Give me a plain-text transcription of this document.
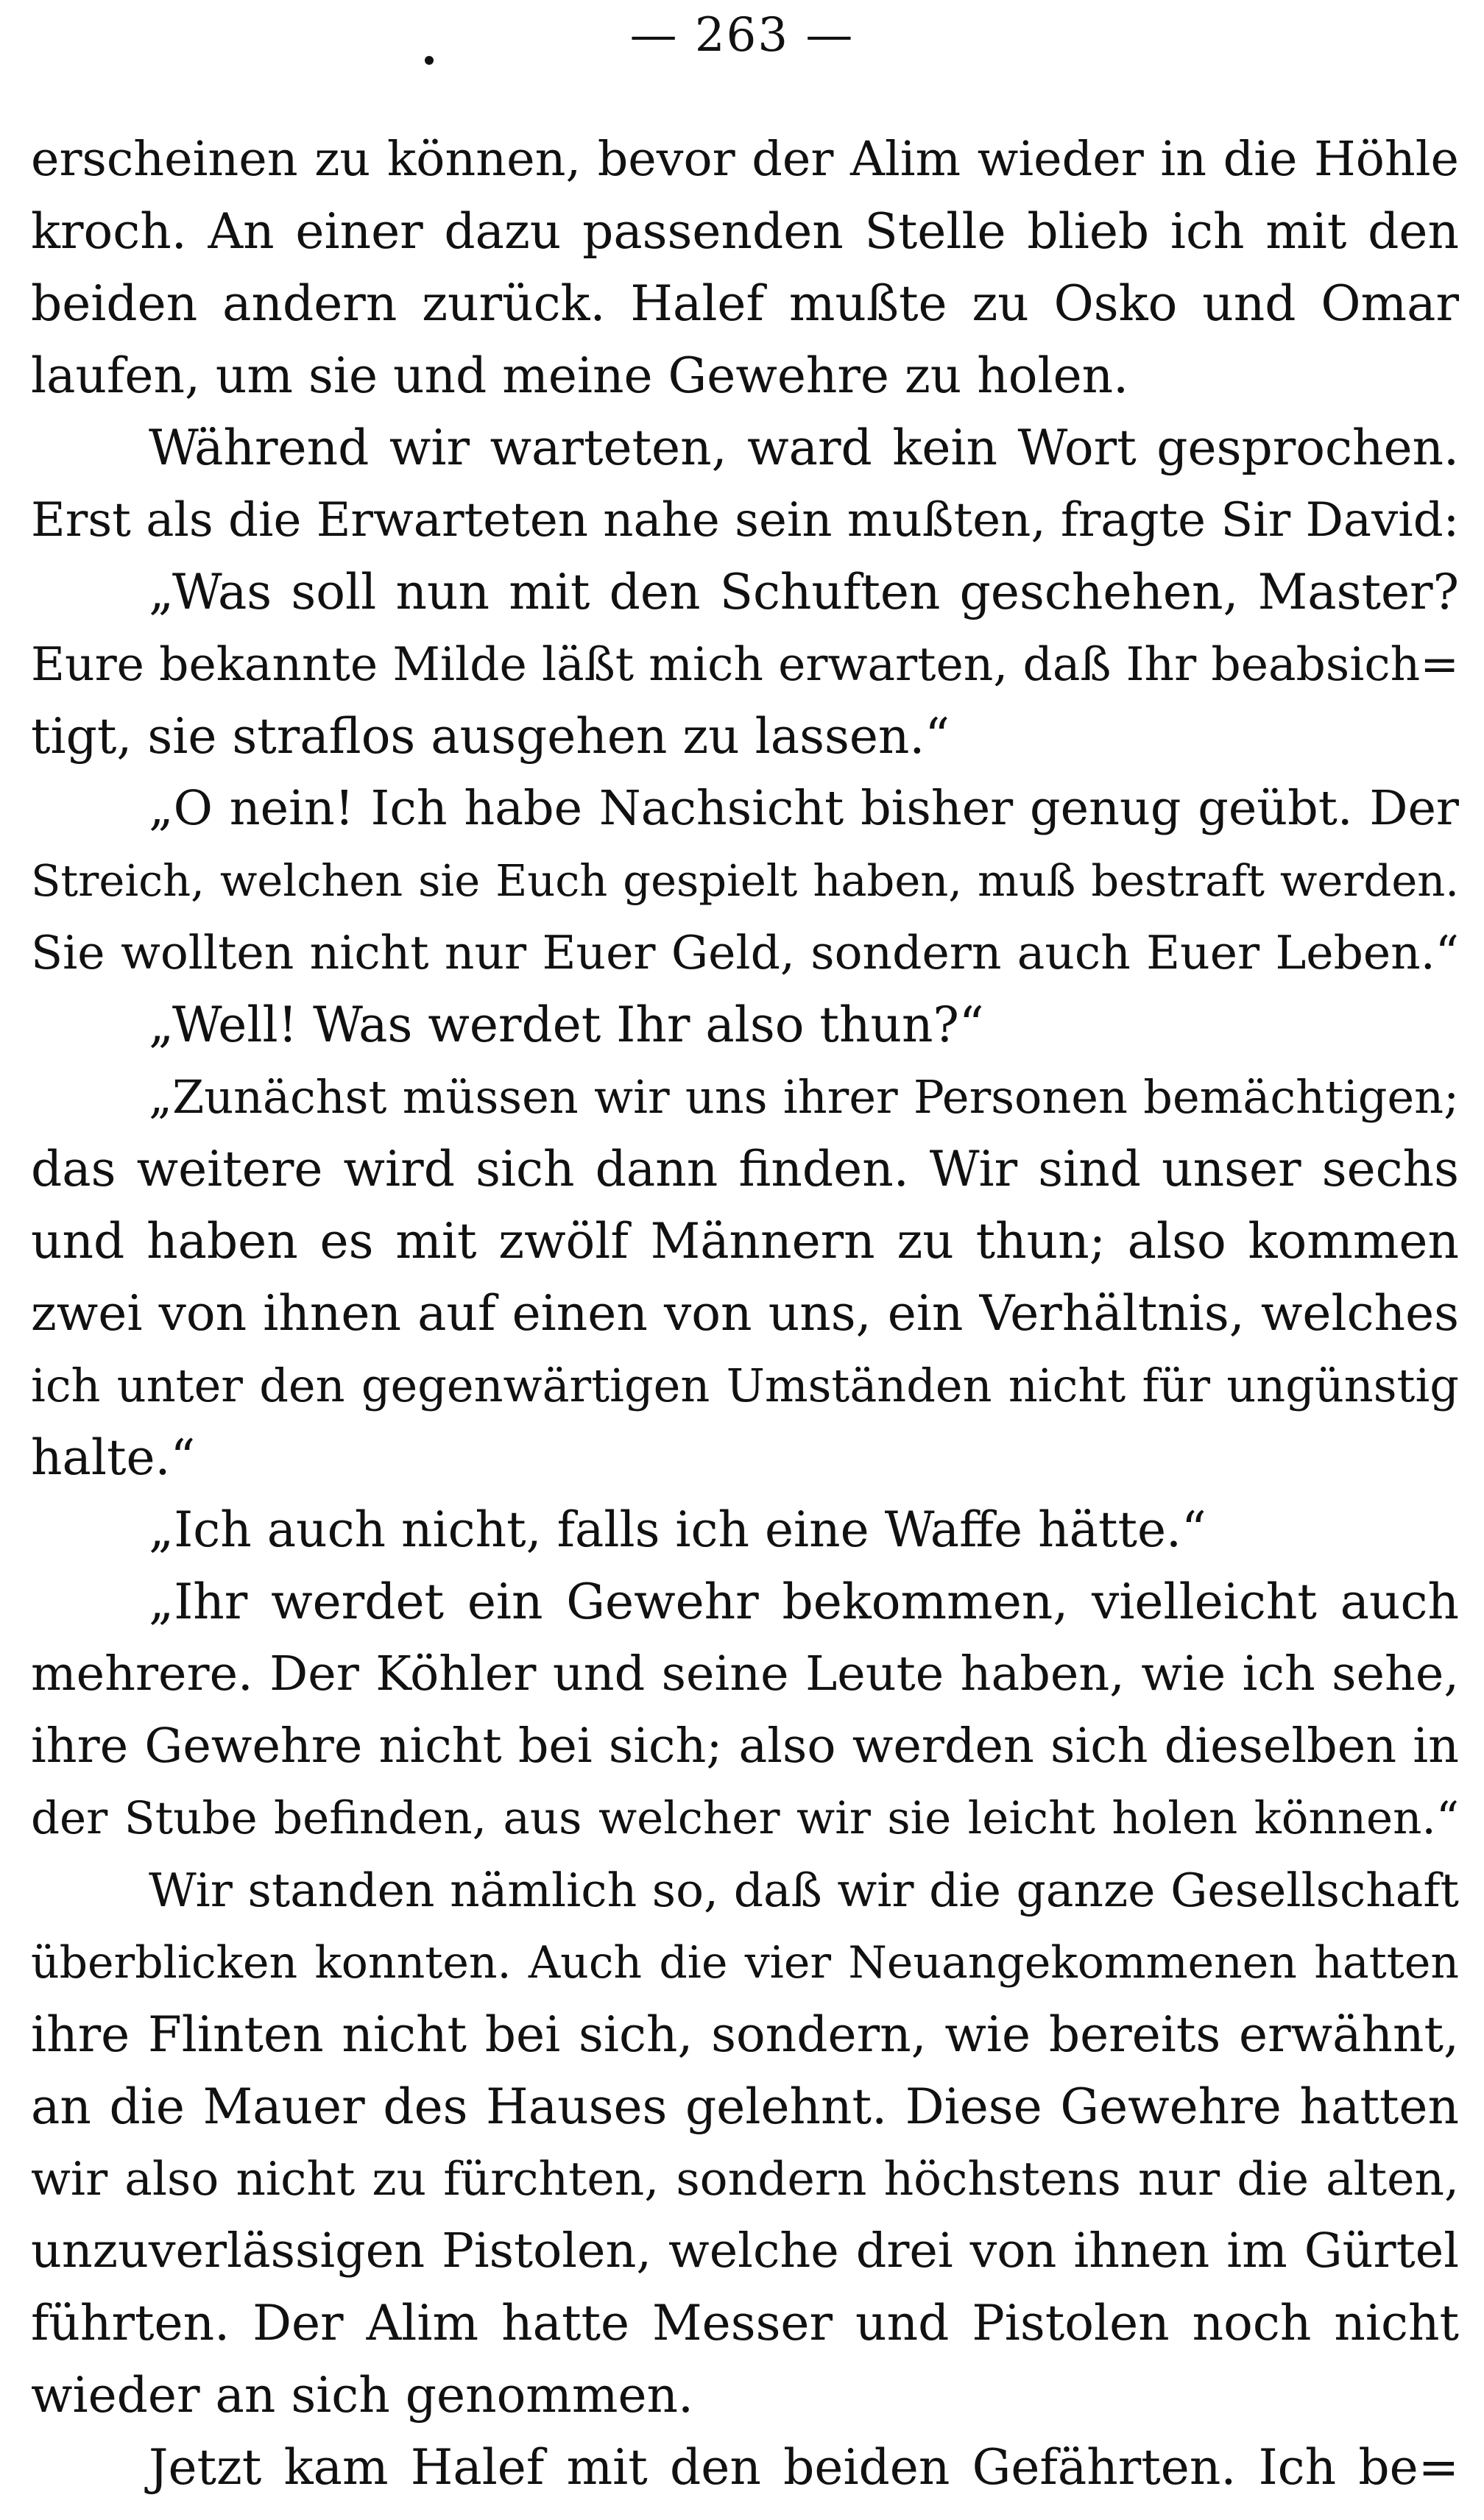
— 263 —
erscheinen zu können, bevor der Alim wieder in die Höhle
kroch. An einer dazu passenden Stelle blieb ich mit den
beiden andern zurück. Halef mußte zu Osko und Omar
laufen, um sie und meine Gewehre zu holen.
Während wir warteten, ward kein Wort gesprochen.
Erst als die Erwarteten nahe sein mußten, fragte Sir David:
„Was soll nun mit den Schuften geschehen, Master?
Eure bekannte Milde läßt mich erwarten, daß Ihr beabsich=
tigt, sie straflos ausgehen zu lassen.“
„O nein! Ich habe Nachsicht bisher genug geübt. Der
Streich, welchen sie Euch gespielt haben, muß bestraft werden.
Sie wollten nicht nur Euer Geld, sondern auch Euer Leben.“
„Well! Was werdet Ihr also thun?“
„Zunächst müssen wir uns ihrer Personen bemächtigen;
das weitere wird sich dann finden. Wir sind unser sechs
und haben es mit zwölf Männern zu thun; also kommen
zwei von ihnen auf einen von uns, ein Verhältnis, welches
ich unter den gegenwärtigen Umständen nicht für ungünstig
halte.“
„Ich auch nicht, falls ich eine Waffe hätte.“
„Ihr werdet ein Gewehr bekommen, vielleicht auch
mehrere. Der Köhler und seine Leute haben, wie ich sehe,
ihre Gewehre nicht bei sich; also werden sich dieselben in
der Stube befinden, aus welcher wir sie leicht holen können.“
Wir standen nämlich so, daß wir die ganze Gesellschaft
überblicken konnten. Auch die vier Neuangekommenen hatten
ihre Flinten nicht bei sich, sondern, wie bereits erwähnt,
an die Mauer des Hauses gelehnt. Diese Gewehre hatten
wir also nicht zu fürchten, sondern höchstens nur die alten,
unzuverlässigen Pistolen, welche drei von ihnen im Gürtel
führten. Der Alim hatte Messer und Pistolen noch nicht
wieder an sich genommen.
Jetzt kam Halef mit den beiden Gefährten. Ich be=
